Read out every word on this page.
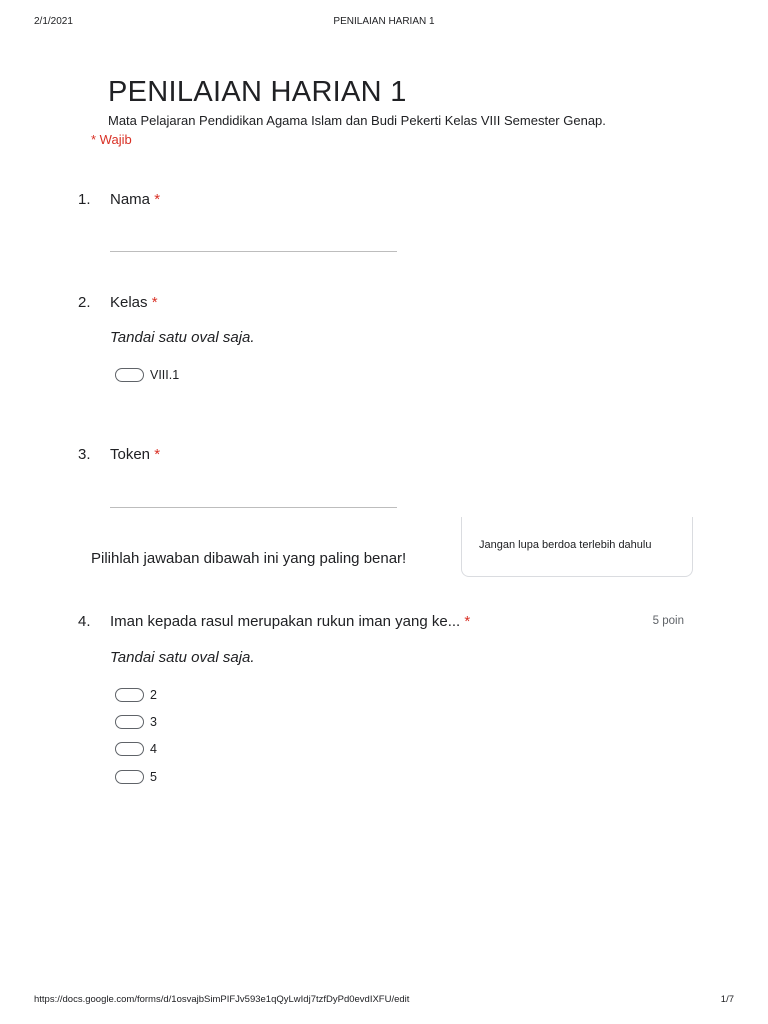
2/1/2021	PENILAIAN HARIAN 1
PENILAIAN HARIAN 1
Mata Pelajaran Pendidikan Agama Islam dan Budi Pekerti Kelas VIII Semester Genap.
* Wajib
1. Nama *
2. Kelas *
Tandai satu oval saja.
VIII.1
3. Token *
Pilihlah jawaban dibawah ini yang paling benar!
Jangan lupa berdoa terlebih dahulu
4. Iman kepada rasul merupakan rukun iman yang ke... *	5 poin
Tandai satu oval saja.
2
3
4
5
https://docs.google.com/forms/d/1osvajbSimPIFJv593e1qQyLwIdj7tzfDyPd0evdIXFU/edit	1/7
